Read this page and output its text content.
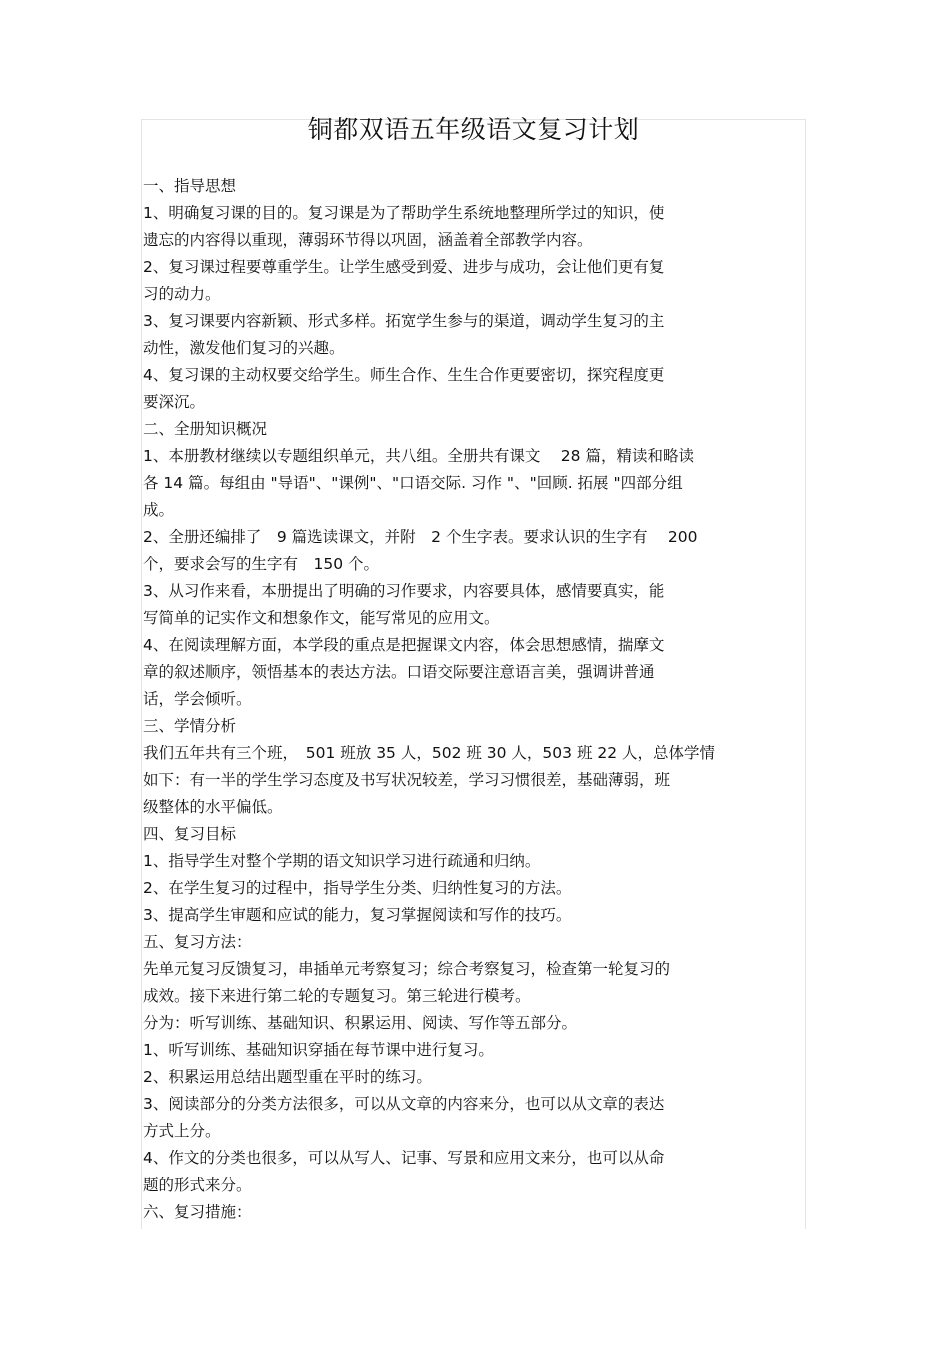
铜都双语五年级语文复习计划

一、指导思想

1、明确复习课的目的。复习课是为了帮助学生系统地整理所学过的知识，使

遗忘的内容得以重现，薄弱环节得以巩固，涵盖着全部教学内容。

2、复习课过程要尊重学生。让学生感受到爱、进步与成功，会让他们更有复

习的动力。

3、复习课要内容新颖、形式多样。拓宽学生参与的渠道，调动学生复习的主

动性，激发他们复习的兴趣。

4、复习课的主动权要交给学生。师生合作、生生合作更要密切，探究程度更

要深沉。

二、全册知识概况

1、本册教材继续以专题组织单元，共八组。全册共有课文　 28 篇，精读和略读

各 14 篇。每组由 "导语"、"课例"、"口语交际. 习作 "、"回顾. 拓展 "四部分组

成。

2、全册还编排了　9 篇选读课文，并附　2 个生字表。要求认识的生字有　 200

个，要求会写的生字有　150 个。

3、从习作来看，本册提出了明确的习作要求，内容要具体，感情要真实，能

写简单的记实作文和想象作文，能写常见的应用文。

4、在阅读理解方面，本学段的重点是把握课文内容，体会思想感情，揣摩文

章的叙述顺序，领悟基本的表达方法。口语交际要注意语言美，强调讲普通

话，学会倾听。

三、学情分析

我们五年共有三个班，　501 班放 35 人，502 班 30 人，503 班 22 人，总体学情

如下：有一半的学生学习态度及书写状况较差，学习习惯很差，基础薄弱，班

级整体的水平偏低。

四、复习目标

1、指导学生对整个学期的语文知识学习进行疏通和归纳。

2、在学生复习的过程中，指导学生分类、归纳性复习的方法。

3、提高学生审题和应试的能力，复习掌握阅读和写作的技巧。

五、复习方法：

先单元复习反馈复习，串插单元考察复习；综合考察复习，检查第一轮复习的

成效。接下来进行第二轮的专题复习。第三轮进行模考。

分为：听写训练、基础知识、积累运用、阅读、写作等五部分。

1、听写训练、基础知识穿插在每节课中进行复习。

2、积累运用总结出题型重在平时的练习。

3、阅读部分的分类方法很多，可以从文章的内容来分，也可以从文章的表达

方式上分。

4、作文的分类也很多，可以从写人、记事、写景和应用文来分，也可以从命

题的形式来分。

六、复习措施：
